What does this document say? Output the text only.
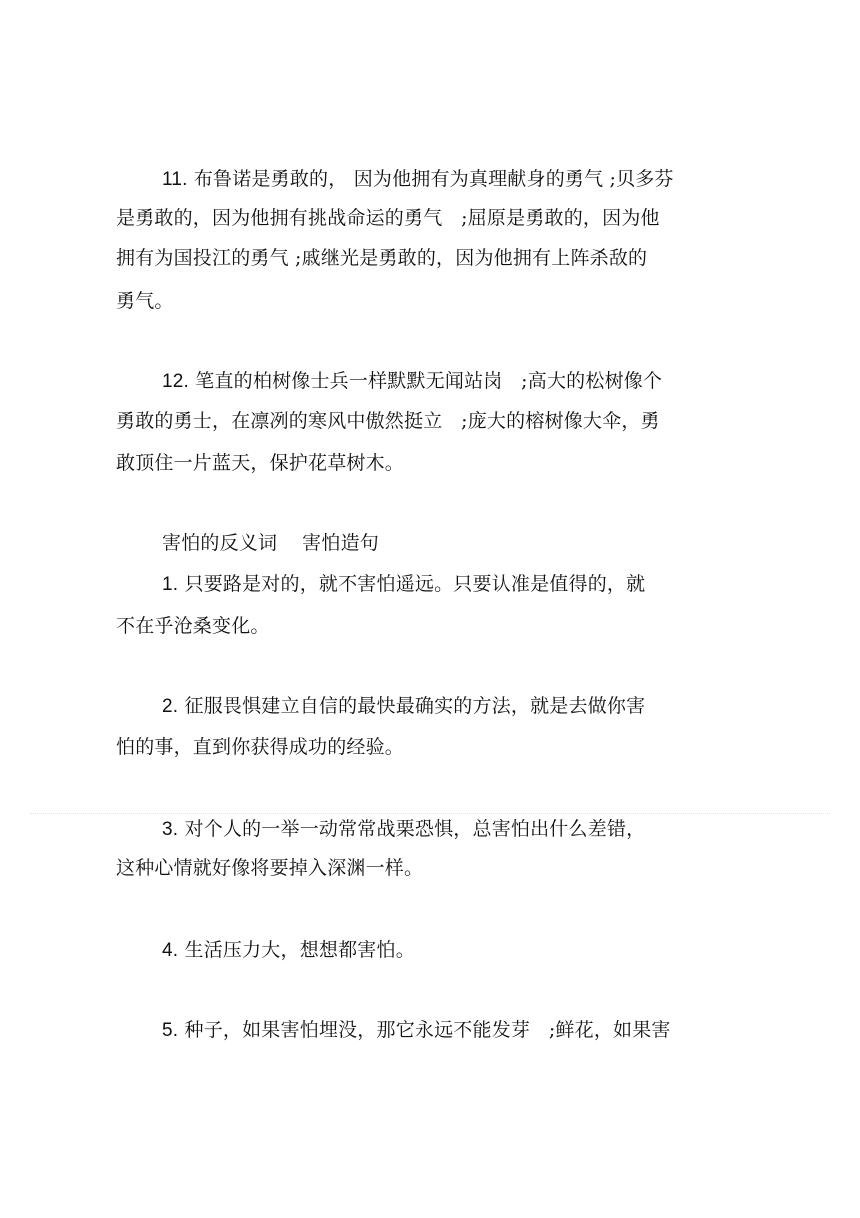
11. 布鲁诺是勇敢的， 因为他拥有为真理献身的勇气 ;贝多芬
是勇敢的，因为他拥有挑战命运的勇气   ;屈原是勇敢的，因为他
拥有为国投江的勇气 ;戚继光是勇敢的，因为他拥有上阵杀敌的
勇气。
12. 笔直的柏树像士兵一样默默无闻站岗   ;高大的松树像个
勇敢的勇士，在凛冽的寒风中傲然挺立   ;庞大的榕树像大伞，勇
敢顶住一片蓝天，保护花草树木。
害怕的反义词 害怕造句
1. 只要路是对的，就不害怕遥远。只要认准是值得的，就
不在乎沧桑变化。
2. 征服畏惧建立自信的最快最确实的方法，就是去做你害
怕的事，直到你获得成功的经验。
3. 对个人的一举一动常常战栗恐惧，总害怕出什么差错，
这种心情就好像将要掉入深渊一样。
4. 生活压力大，想想都害怕。
5. 种子，如果害怕埋没，那它永远不能发芽   ;鲜花，如果害
